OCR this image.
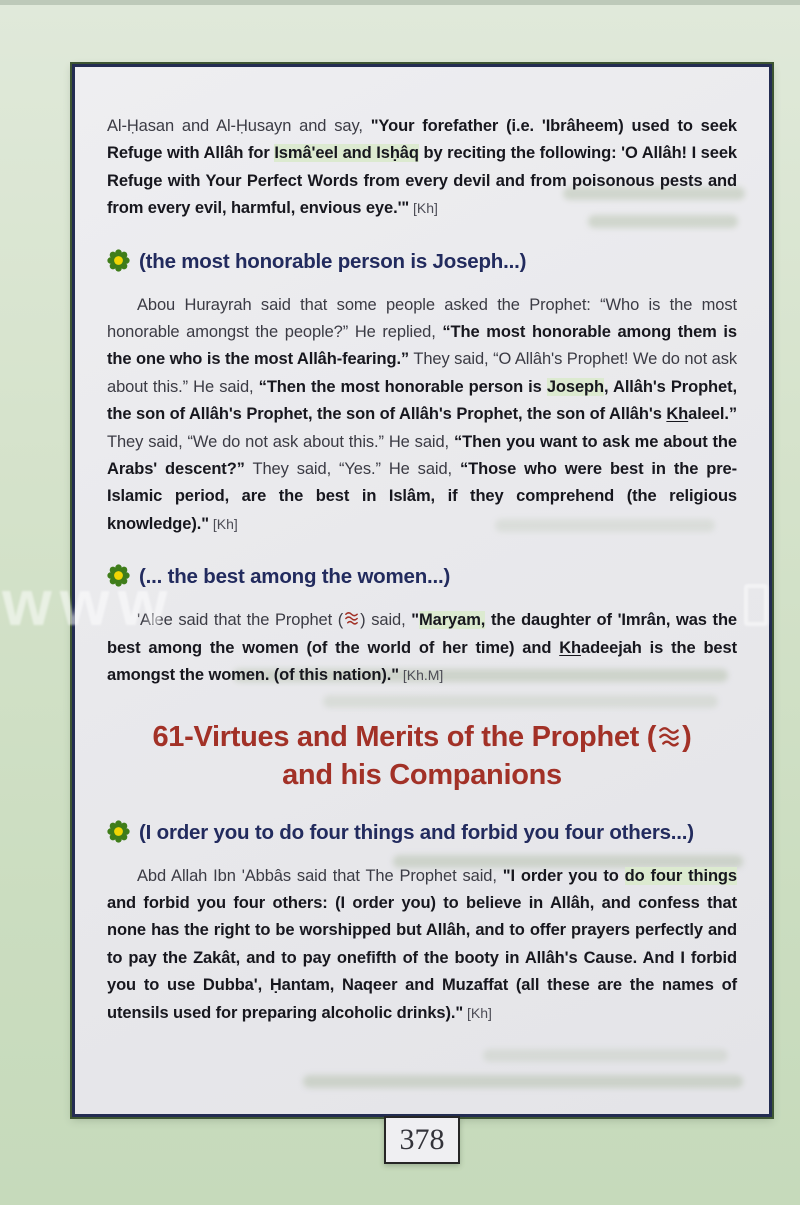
Al-Ḥasan and Al-Ḥusayn and say, "Your forefather (i.e. 'Ibrâheem) used to seek Refuge with Allâh for Ismâ'eel and Isḥâq by reciting the following: 'O Allâh! I seek Refuge with Your Perfect Words from every devil and from poisonous pests and from every evil, harmful, envious eye.'" [Kh]

(the most honorable person is Joseph...)

Abou Hurayrah said that some people asked the Prophet: “Who is the most honorable amongst the people?” He replied, “The most honorable among them is the one who is the most Allâh-fearing.” They said, “O Allâh's Prophet! We do not ask about this.” He said, “Then the most honorable person is Joseph, Allâh's Prophet, the son of Allâh's Prophet, the son of Allâh's Prophet, the son of Allâh's Khaleel.” They said, “We do not ask about this.” He said, “Then you want to ask me about the Arabs' descent?” They said, “Yes.” He said, “Those who were best in the pre-Islamic period, are the best in Islâm, if they comprehend (the religious knowledge)." [Kh]

(... the best among the women...)

'Alee said that the Prophet ( ) said, "Maryam, the daughter of 'Imrân, was the best among the women (of the world of her time) and Khadeejah is the best amongst the women. (of this nation)." [Kh.M]

61-Virtues and Merits of the Prophet ( )
and his Companions
(I order you to do four things and forbid you four others...)

Abd Allah Ibn 'Abbâs said that The Prophet said, "I order you to do four things and forbid you four others: (I order you) to believe in Allâh, and confess that none has the right to be worshipped but Allâh, and to offer prayers perfectly and to pay the Zakât, and to pay onefifth of the booty in Allâh's Cause. And I forbid you to use Dubba', Ḥantam, Naqeer and Muzaffat (all these are the names of utensils used for preparing alcoholic drinks)." [Kh]

378
www
